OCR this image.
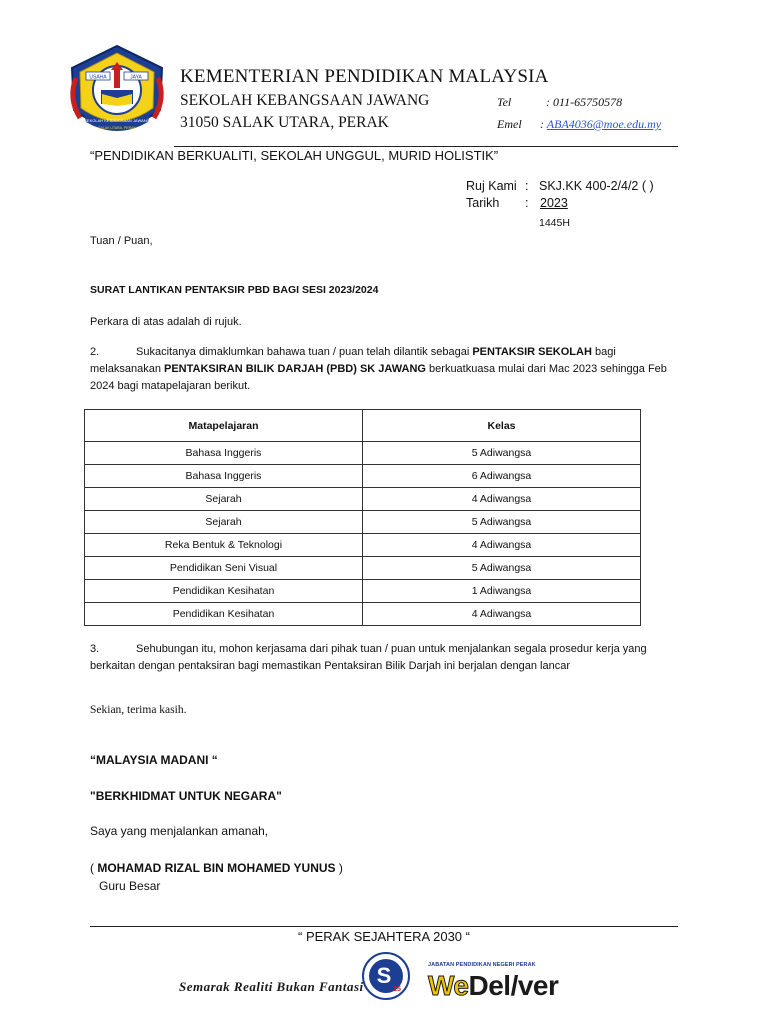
USAHA	JAYA
SEKOLAH KEBANGSAAN JAWANG
SALAK UTARA, PERAK
KEMENTERIAN PENDIDIKAN MALAYSIA
SEKOLAH KEBANGSAAN JAWANG
31050 SALAK UTARA, PERAK
Tel	: 011-65750578
Emel : ABA4036@moe.edu.my
“PENDIDIKAN BERKUALITI, SEKOLAH UNGGUL, MURID HOLISTIK”
Ruj Kami : SKJ.KK 400-2/4/2 ( )
Tarikh : 2023
1445H
Tuan / Puan,
SURAT LANTIKAN PENTAKSIR PBD BAGI SESI 2023/2024
Perkara di atas adalah di rujuk.
2.	Sukacitanya dimaklumkan bahawa tuan / puan telah dilantik sebagai PENTAKSIR SEKOLAH bagi
melaksanakan PENTAKSIRAN BILIK DARJAH (PBD) SK JAWANG berkuatkuasa mulai dari Mac 2023 sehingga Feb
2024 bagi matapelajaran berikut.
Matapelajaran	Kelas
Bahasa Inggeris	5 Adiwangsa
Bahasa Inggeris	6 Adiwangsa
Sejarah	4 Adiwangsa
Sejarah	5 Adiwangsa
Reka Bentuk & Teknologi	4 Adiwangsa
Pendidikan Seni Visual	5 Adiwangsa
Pendidikan Kesihatan	1 Adiwangsa
Pendidikan Kesihatan	4 Adiwangsa
3.	Sehubungan itu, mohon kerjasama dari pihak tuan / puan untuk menjalankan segala prosedur kerja yang
berkaitan dengan pentaksiran bagi memastikan Pentaksiran Bilik Darjah ini berjalan dengan lancar
Sekian, terima kasih.
“MALAYSIA MADANI “
"BERKHIDMAT UNTUK NEGARA"
Saya yang menjalankan amanah,
( MOHAMAD RIZAL BIN MOHAMED YUNUS )
Guru Besar
“ PERAK SEJAHTERA 2030 “
Semarak Realiti Bukan Fantasi S
25
JABATAN PENDIDIKAN NEGERI PERAK
WeDel/ver
